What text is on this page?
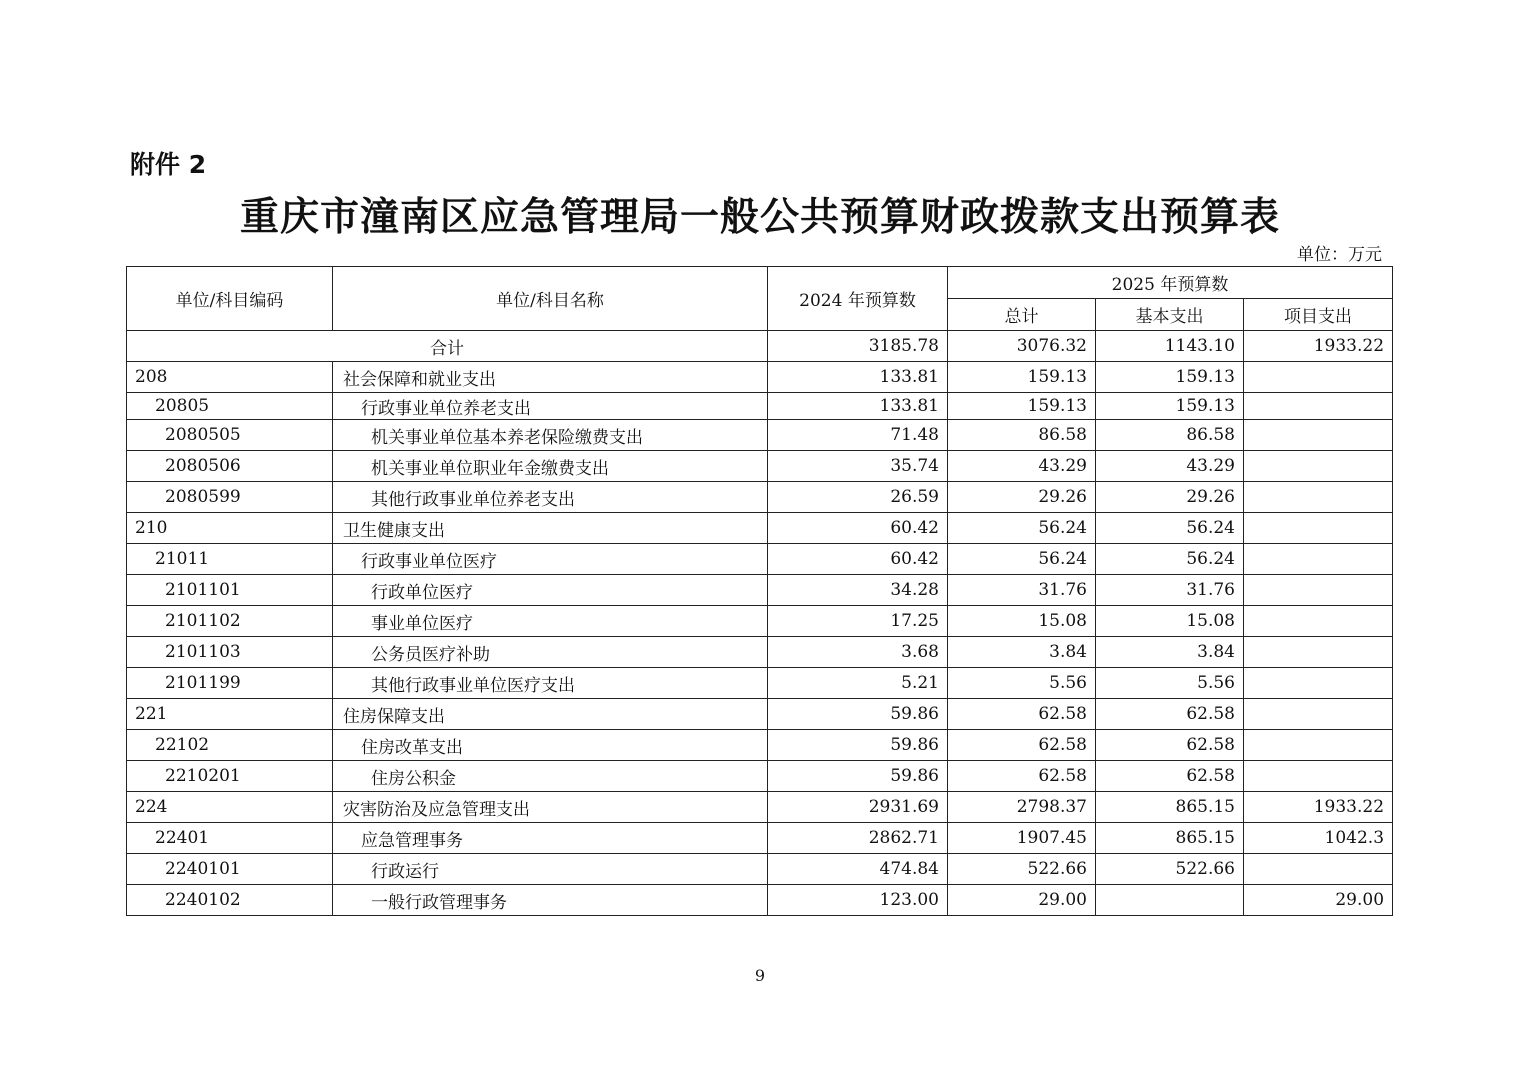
附件 2
重庆市潼南区应急管理局一般公共预算财政拨款支出预算表
单位：万元
单位/科目编码	单位/科目名称	2024 年预算数	2025 年预算数		
			总计	基本支出	项目支出
合计		3185.78	3076.32	1143.10	1933.22
208	社会保障和就业支出	133.81	159.13	159.13	
20805	行政事业单位养老支出	133.81	159.13	159.13	
2080505	机关事业单位基本养老保险缴费支出	71.48	86.58	86.58	
2080506	机关事业单位职业年金缴费支出	35.74	43.29	43.29	
2080599	其他行政事业单位养老支出	26.59	29.26	29.26	
210	卫生健康支出	60.42	56.24	56.24	
21011	行政事业单位医疗	60.42	56.24	56.24	
2101101	行政单位医疗	34.28	31.76	31.76	
2101102	事业单位医疗	17.25	15.08	15.08	
2101103	公务员医疗补助	3.68	3.84	3.84	
2101199	其他行政事业单位医疗支出	5.21	5.56	5.56	
221	住房保障支出	59.86	62.58	62.58	
22102	住房改革支出	59.86	62.58	62.58	
2210201	住房公积金	59.86	62.58	62.58	
224	灾害防治及应急管理支出	2931.69	2798.37	865.15	1933.22
22401	应急管理事务	2862.71	1907.45	865.15	1042.3
2240101	行政运行	474.84	522.66	522.66	
2240102	一般行政管理事务	123.00	29.00		29.00
9
